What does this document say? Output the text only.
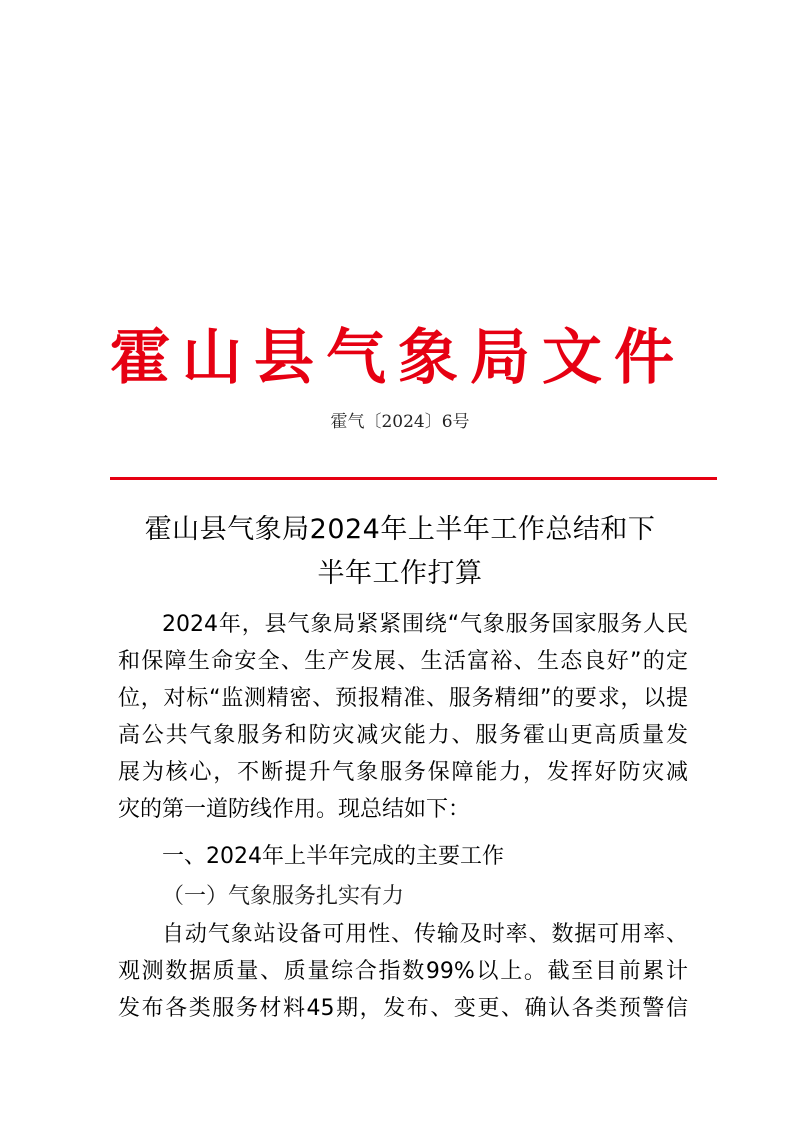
霍山县气象局文件
霍气〔2024〕6号
霍山县气象局2024年上半年工作总结和下
半年工作打算
2024年，县气象局紧紧围绕“气象服务国家服务人民
和保障生命安全、生产发展、生活富裕、生态良好”的定
位，对标“监测精密、预报精准、服务精细”的要求，以提
高公共气象服务和防灾减灾能力、服务霍山更高质量发
展为核心，不断提升气象服务保障能力，发挥好防灾减
灾的第一道防线作用。现总结如下：
一、2024年上半年完成的主要工作
（一）气象服务扎实有力
自动气象站设备可用性、传输及时率、数据可用率、
观测数据质量、质量综合指数99%以上。截至目前累计
发布各类服务材料45期，发布、变更、确认各类预警信
